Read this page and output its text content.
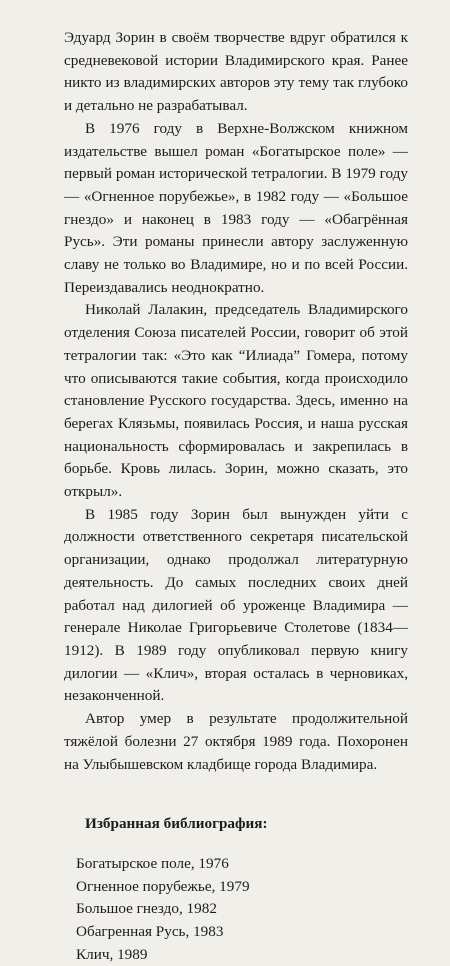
Эдуард Зорин в своём творчестве вдруг обратился к средневековой истории Владимирского края. Ранее никто из владимирских авторов эту тему так глубоко и детально не разрабатывал.

В 1976 году в Верхне-Волжском книжном издательстве вышел роман «Богатырское поле» — первый роман исторической тетралогии. В 1979 году — «Огненное порубежье», в 1982 году — «Большое гнездо» и наконец в 1983 году — «Обагрённая Русь». Эти романы принесли автору заслуженную славу не только во Владимире, но и по всей России. Переиздавались неоднократно.

Николай Лалакин, председатель Владимирского отделения Союза писателей России, говорит об этой тетралогии так: «Это как “Илиада” Гомера, потому что описываются такие события, когда происходило становление Русского государства. Здесь, именно на берегах Клязьмы, появилась Россия, и наша русская национальность сформировалась и закрепилась в борьбе. Кровь лилась. Зорин, можно сказать, это открыл».

В 1985 году Зорин был вынужден уйти с должности ответственного секретаря писательской организации, однако продолжал литературную деятельность. До самых последних своих дней работал над дилогией об уроженце Владимира — генерале Николае Григорьевиче Столетове (1834—1912). В 1989 году опубликовал первую книгу дилогии — «Клич», вторая осталась в черновиках, незаконченной.

Автор умер в результате продолжительной тяжёлой болезни 27 октября 1989 года. Похоронен на Улыбышевском кладбище города Владимира.

Избранная библиография:
Богатырское поле, 1976
Огненное порубежье, 1979
Большое гнездо, 1982
Обагренная Русь, 1983
Клич, 1989
